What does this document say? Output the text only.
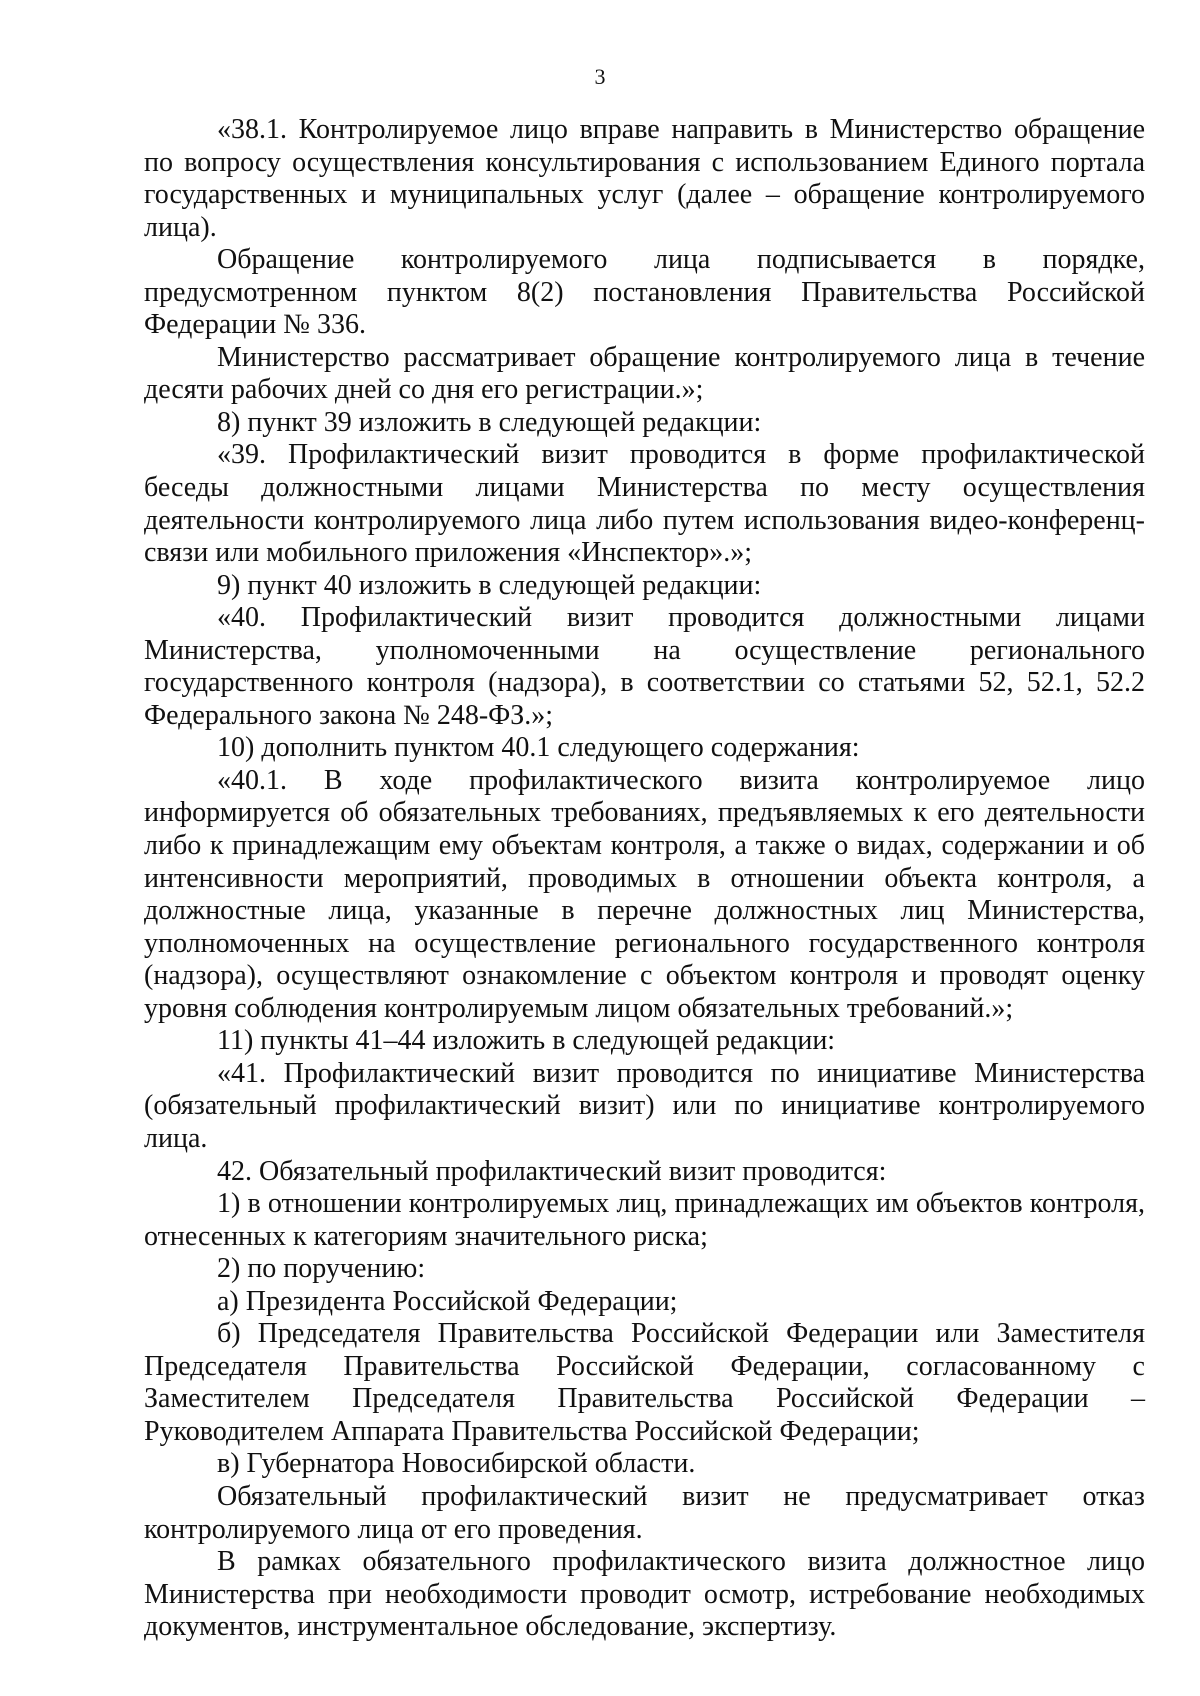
3

«38.1. Контролируемое лицо вправе направить в Министерство обращение по вопросу осуществления консультирования с использованием Единого портала государственных и муниципальных услуг (далее – обращение контролируемого лица).

Обращение контролируемого лица подписывается в порядке, предусмотренном пунктом 8(2) постановления Правительства Российской Федерации № 336.

Министерство рассматривает обращение контролируемого лица в течение десяти рабочих дней со дня его регистрации.»;

8) пункт 39 изложить в следующей редакции:

«39. Профилактический визит проводится в форме профилактической беседы должностными лицами Министерства по месту осуществления деятельности контролируемого лица либо путем использования видео-конференц-связи или мобильного приложения «Инспектор».»;

9) пункт 40 изложить в следующей редакции:

«40. Профилактический визит проводится должностными лицами Министерства, уполномоченными на осуществление регионального государственного контроля (надзора), в соответствии со статьями 52, 52.1, 52.2 Федерального закона № 248-ФЗ.»;

10) дополнить пунктом 40.1 следующего содержания:

«40.1. В ходе профилактического визита контролируемое лицо информируется об обязательных требованиях, предъявляемых к его деятельности либо к принадлежащим ему объектам контроля, а также о видах, содержании и об интенсивности мероприятий, проводимых в отношении объекта контроля, а должностные лица, указанные в перечне должностных лиц Министерства, уполномоченных на осуществление регионального государственного контроля (надзора), осуществляют ознакомление с объектом контроля и проводят оценку уровня соблюдения контролируемым лицом обязательных требований.»;

11) пункты 41–44 изложить в следующей редакции:

«41. Профилактический визит проводится по инициативе Министерства (обязательный профилактический визит) или по инициативе контролируемого лица.

42. Обязательный профилактический визит проводится:

1) в отношении контролируемых лиц, принадлежащих им объектов контроля, отнесенных к категориям значительного риска;

2) по поручению:

а) Президента Российской Федерации;

б) Председателя Правительства Российской Федерации или Заместителя Председателя Правительства Российской Федерации, согласованному с Заместителем Председателя Правительства Российской Федерации – Руководителем Аппарата Правительства Российской Федерации;

в) Губернатора Новосибирской области.

Обязательный профилактический визит не предусматривает отказ контролируемого лица от его проведения.

В рамках обязательного профилактического визита должностное лицо Министерства при необходимости проводит осмотр, истребование необходимых документов, инструментальное обследование, экспертизу.
